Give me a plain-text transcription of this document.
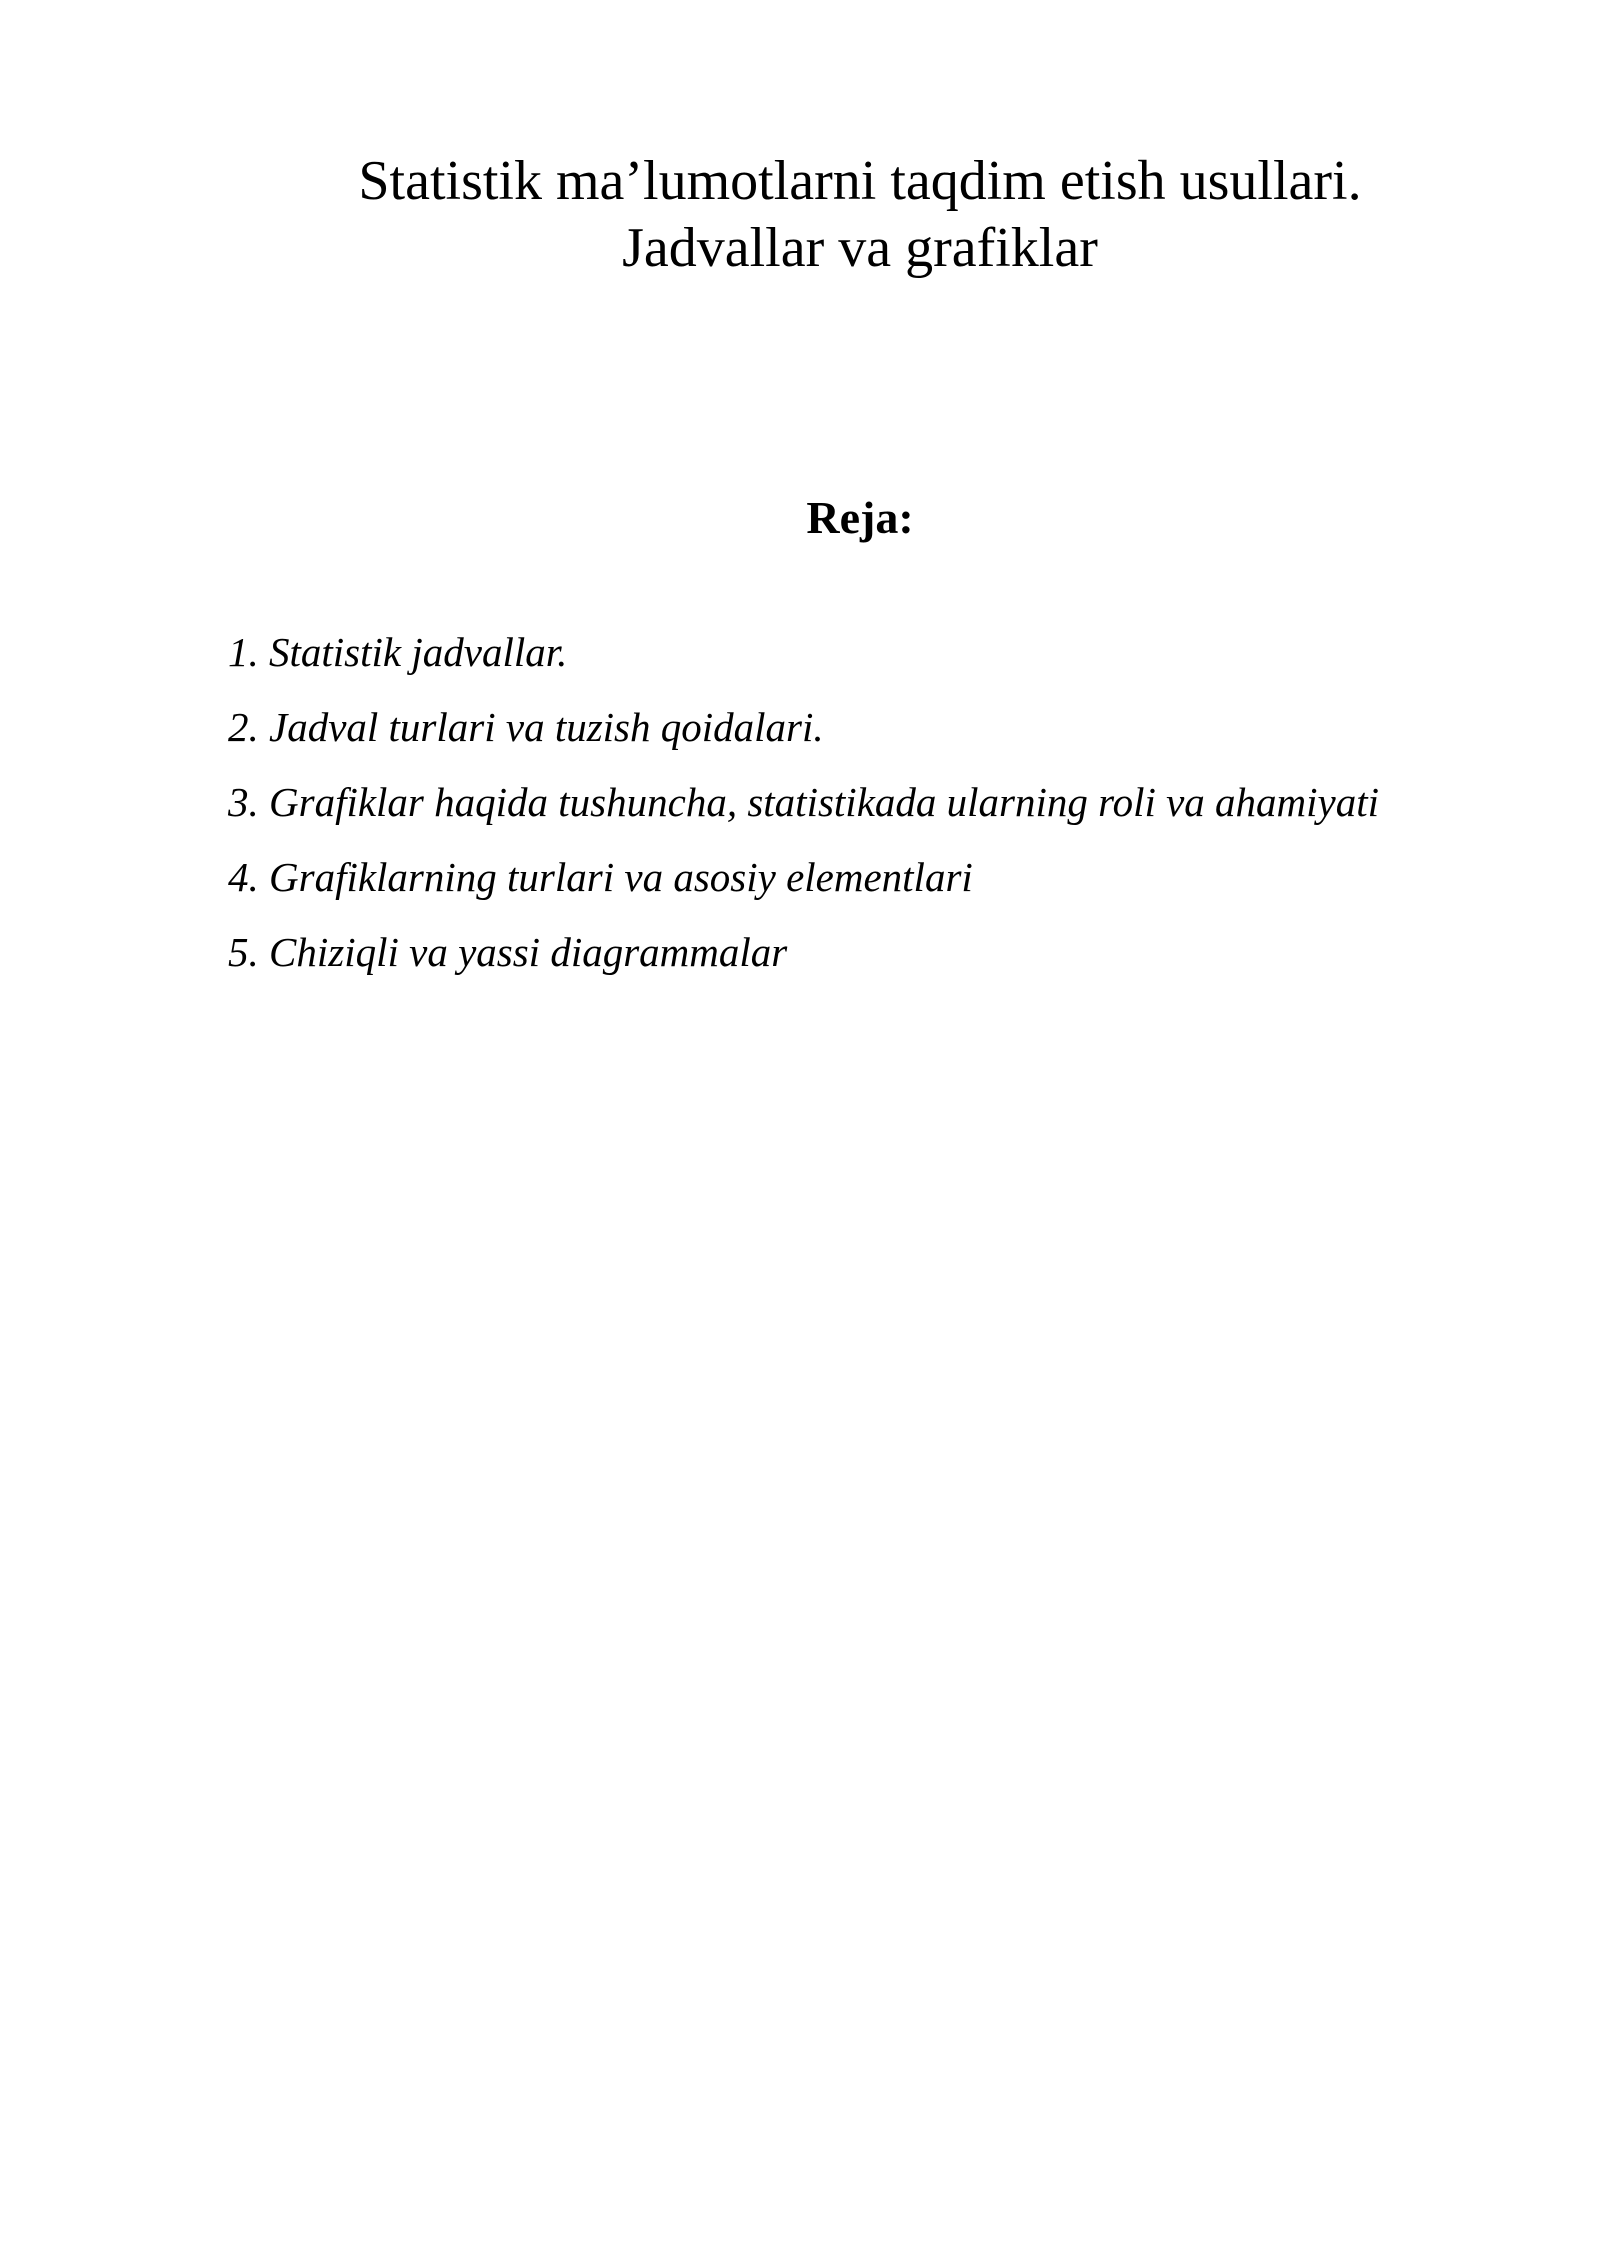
Statistik ma’lumotlarni taqdim etish usullari.
Jadvallar va grafiklar
Reja:
1. Statistik jadvallar.
2. Jadval turlari va tuzish qoidalari.
3. Grafiklar haqida tushuncha, statistikada ularning roli va ahamiyati
4. Grafiklarning turlari va asosiy elementlari
5. Chiziqli va yassi diagrammalar
